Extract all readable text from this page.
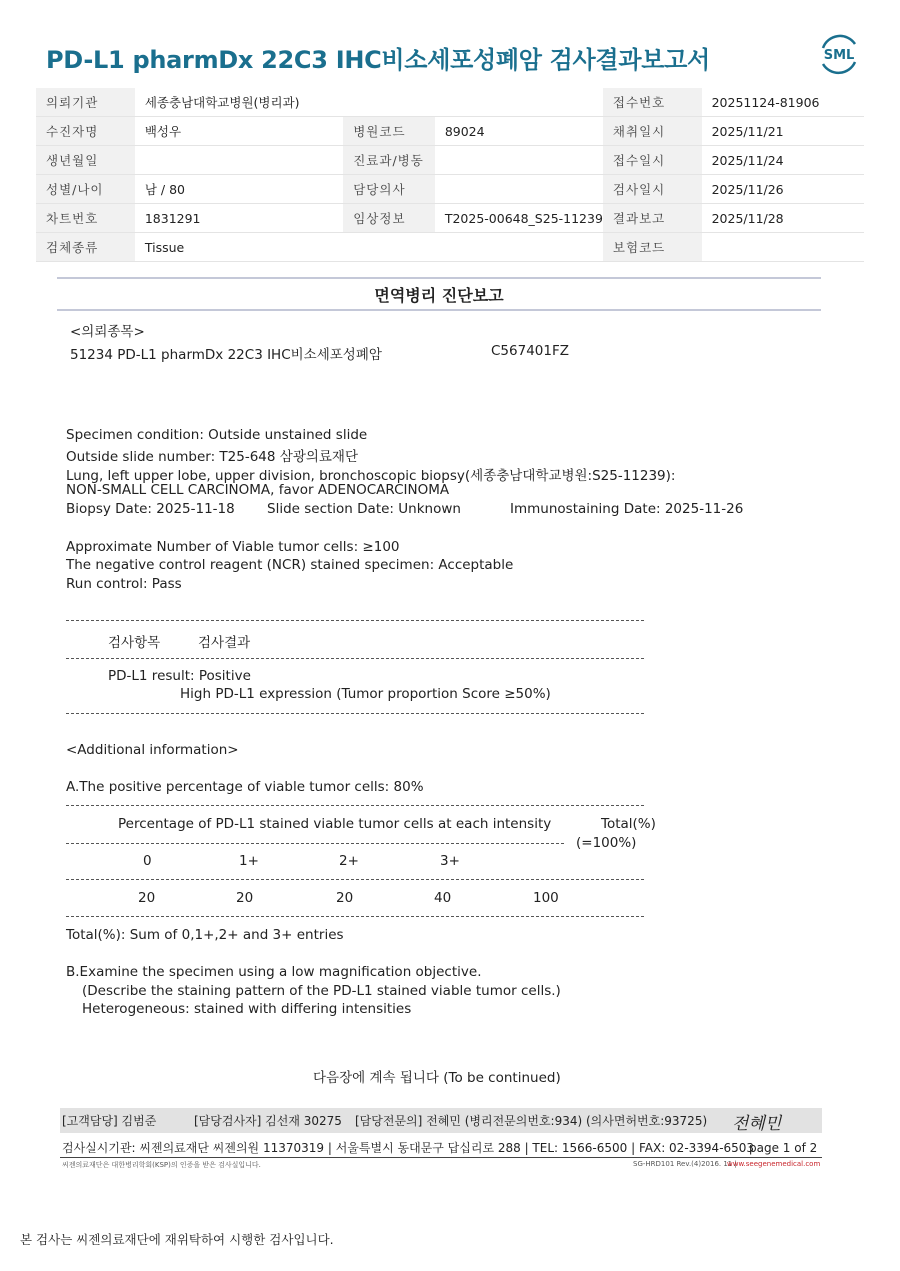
PD-L1 pharmDx 22C3 IHC비소세포성폐암 검사결과보고서	SML
의뢰기관	세종충남대학교병원(병리과)			접수번호	20251124-81906
수진자명	백성우	병원코드	89024	채취일시	2025/11/21
생년월일		진료과/병동		접수일시	2025/11/24
성별/나이	남 / 80	담당의사		검사일시	2025/11/26
차트번호	1831291	임상정보	T2025-00648_S25-11239	결과보고	2025/11/28
검체종류	Tissue			보험코드	
면역병리 진단보고
<의뢰종목>
51234 PD-L1 pharmDx 22C3 IHC비소세포성폐암	C567401FZ
Specimen condition: Outside unstained slide
Outside slide number: T25-648 삼광의료재단
Lung, left upper lobe, upper division, bronchoscopic biopsy(세종충남대학교병원:S25-11239):
NON-SMALL CELL CARCINOMA, favor ADENOCARCINOMA
Biopsy Date: 2025-11-18 Slide section Date: Unknown	Immunostaining Date: 2025-11-26
Approximate Number of Viable tumor cells: ≥100
The negative control reagent (NCR) stained specimen: Acceptable
Run control: Pass
검사항목	검사결과
PD-L1 result: Positive
High PD-L1 expression (Tumor proportion Score ≥50%)
<Additional information>
A.The positive percentage of viable tumor cells: 80%
Percentage of PD-L1 stained viable tumor cells at each intensity	Total(%)
(=100%)
0	1+	2+	3+
20	20	20	40	100
Total(%): Sum of 0,1+,2+ and 3+ entries
B.Examine the specimen using a low magnification objective.
(Describe the staining pattern of the PD-L1 stained viable tumor cells.)
Heterogeneous: stained with differing intensities
다음장에 계속 됩니다 (To be continued)
[고객담당] 김범준	[담당검사자] 김선재 30275 [담당전문의] 전혜민 (병리전문의번호:934) (의사면허번호:93725) 전혜민
검사실시기관: 씨젠의료재단 씨젠의원 11370319 | 서울특별시 동대문구 답십리로 288 | TEL: 1566-6500 | FAX: 02-3394-6503
page 1 of 2
씨젠의료재단은 대한병리학회(KSP)의 인증을 받은 검사실입니다.	SG-HRD101 Rev.(4)2016. 11 |
www.seegenemedical.com
본 검사는 씨젠의료재단에 재위탁하여 시행한 검사입니다.
